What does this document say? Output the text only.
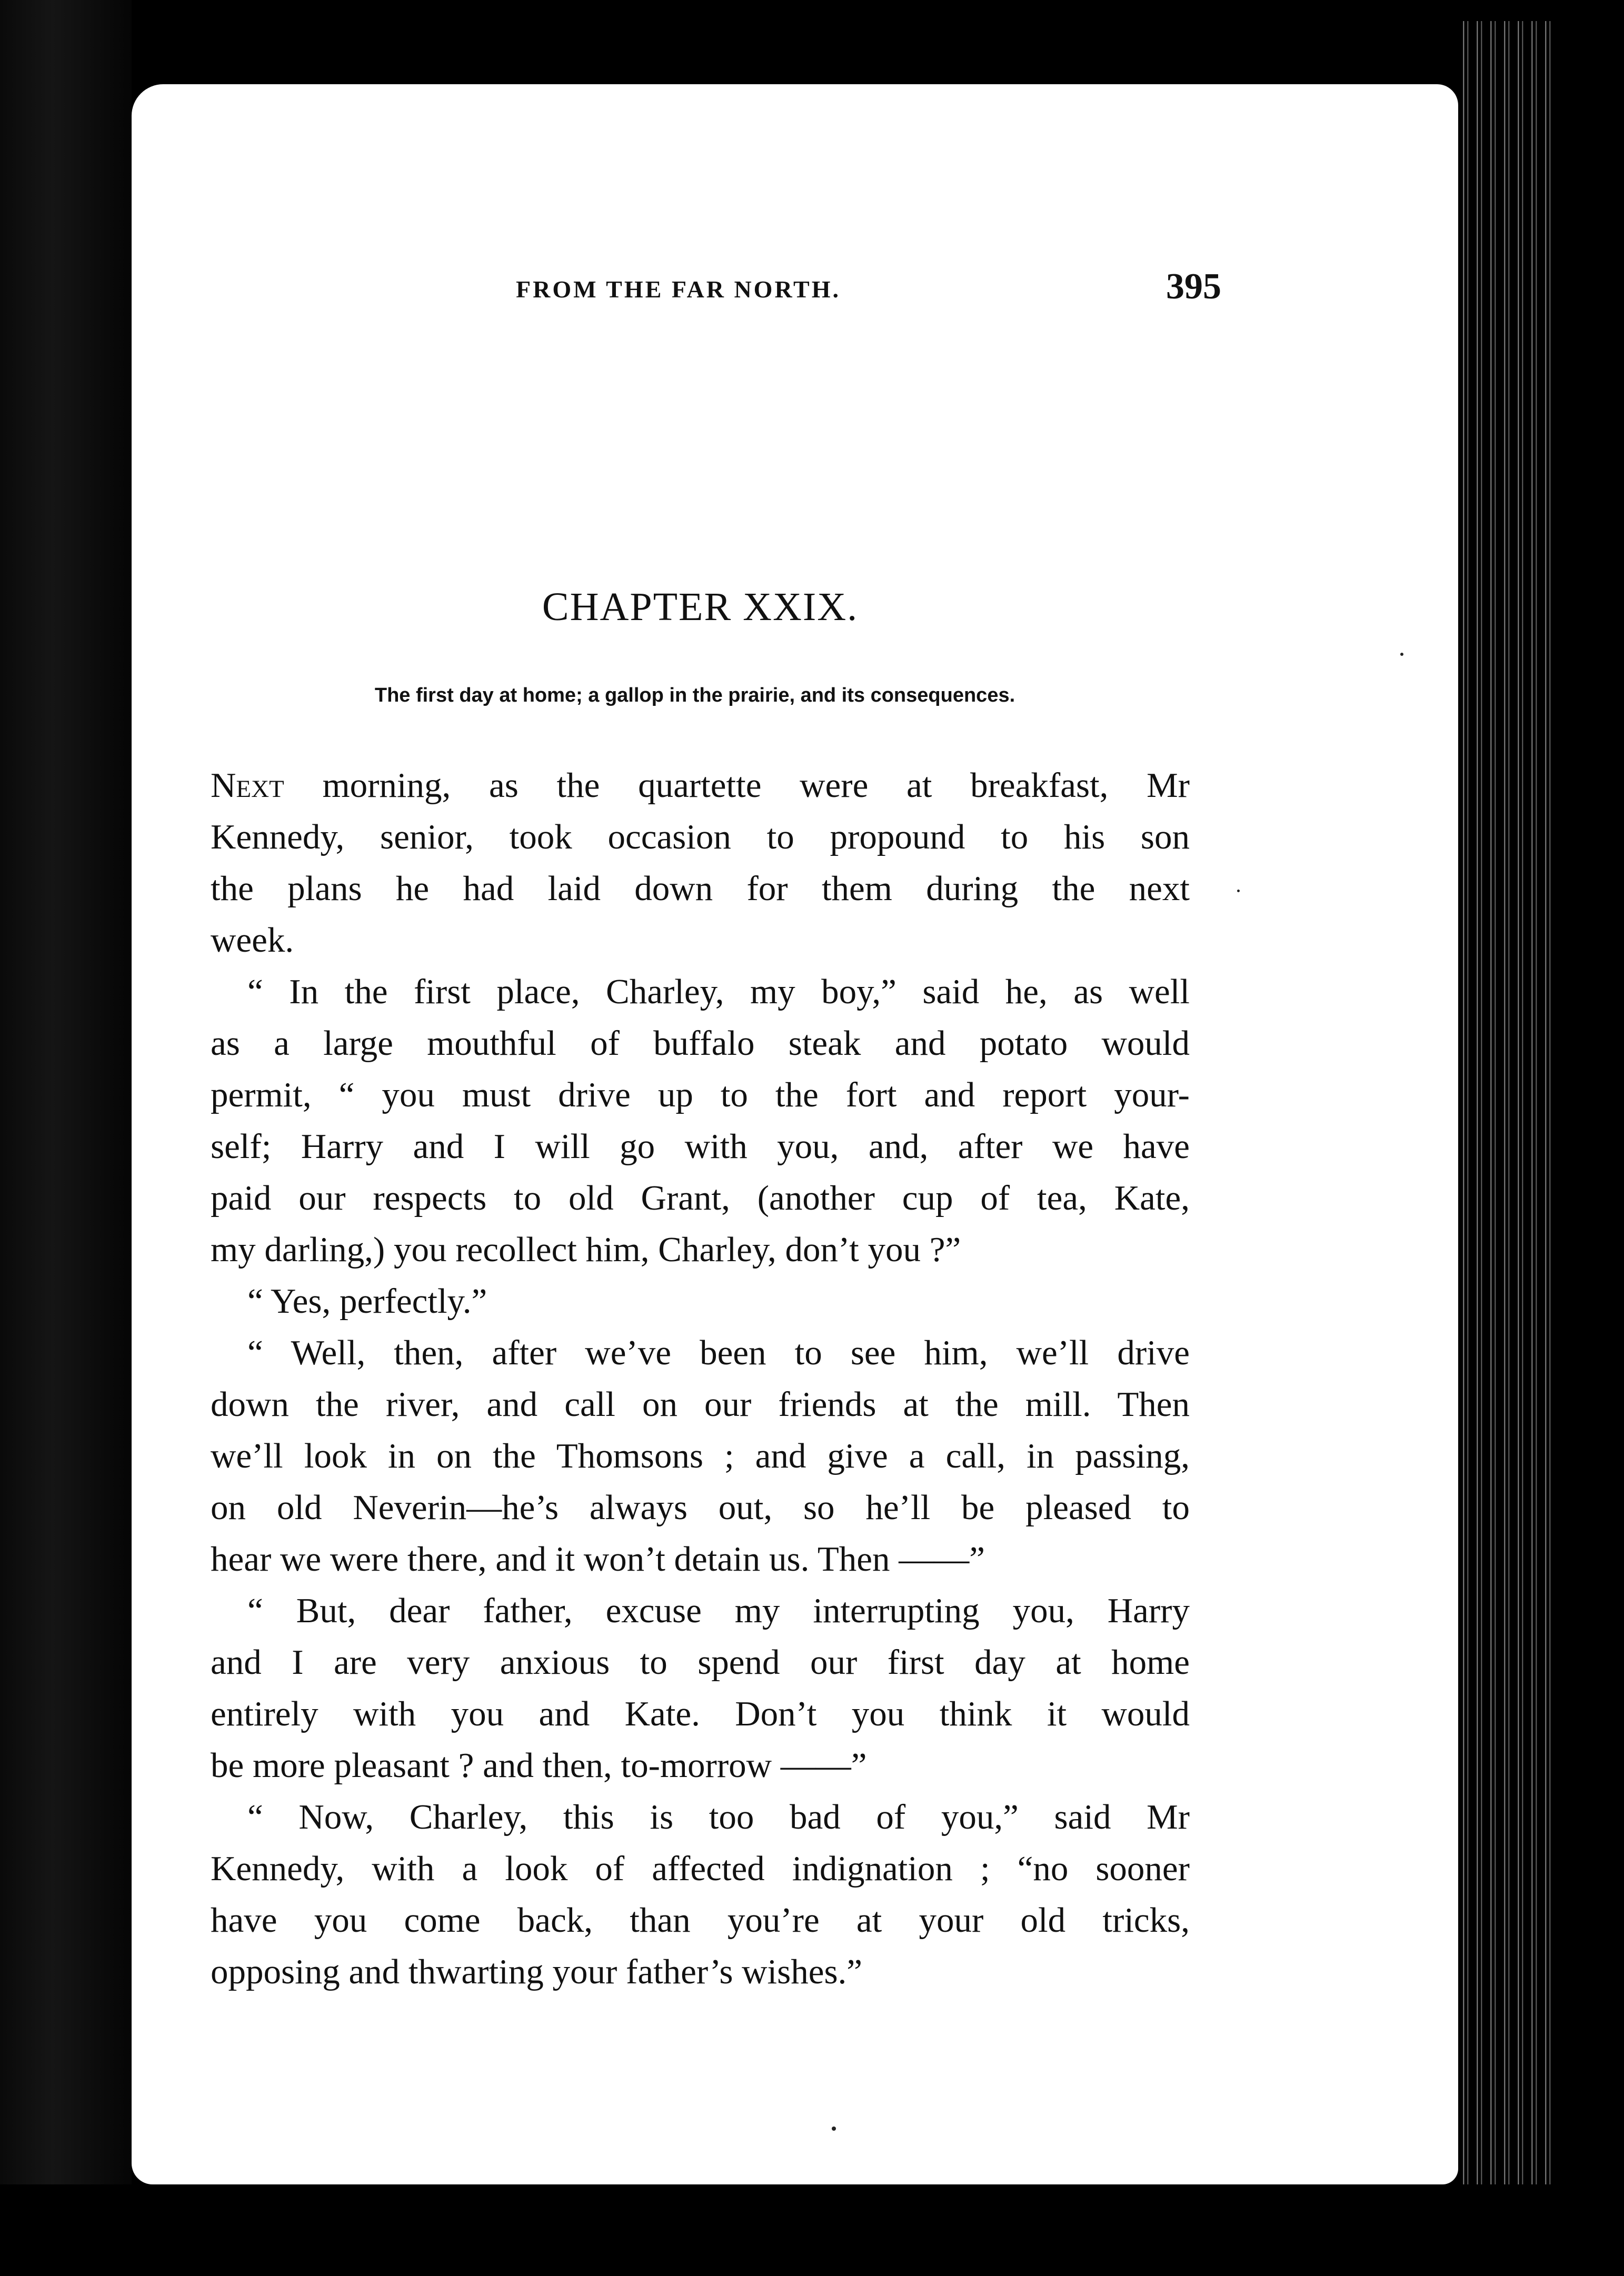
FROM THE FAR NORTH.	395
CHAPTER XXIX.
The first day at home; a gallop in the prairie, and its consequences.
Next morning, as the quartette were at breakfast, Mr
Kennedy, senior, took occasion to propound to his son
the plans he had laid down for them during the next
week.
“ In the first place, Charley, my boy,” said he, as well
as a large mouthful of buffalo steak and potato would
permit, “ you must drive up to the fort and report your-
self; Harry and I will go with you, and, after we have
paid our respects to old Grant, (another cup of tea, Kate,
my darling,) you recollect him, Charley, don’t you ?”
“ Yes, perfectly.”
“ Well, then, after we’ve been to see him, we’ll drive
down the river, and call on our friends at the mill. Then
we’ll look in on the Thomsons ; and give a call, in passing,
on old Neverin—he’s always out, so he’ll be pleased to
hear we were there, and it won’t detain us. Then ——”
“ But, dear father, excuse my interrupting you, Harry
and I are very anxious to spend our first day at home
entirely with you and Kate. Don’t you think it would
be more pleasant ? and then, to-morrow ——”
“ Now, Charley, this is too bad of you,” said Mr
Kennedy, with a look of affected indignation ; “no sooner
have you come back, than you’re at your old tricks,
opposing and thwarting your father’s wishes.”
